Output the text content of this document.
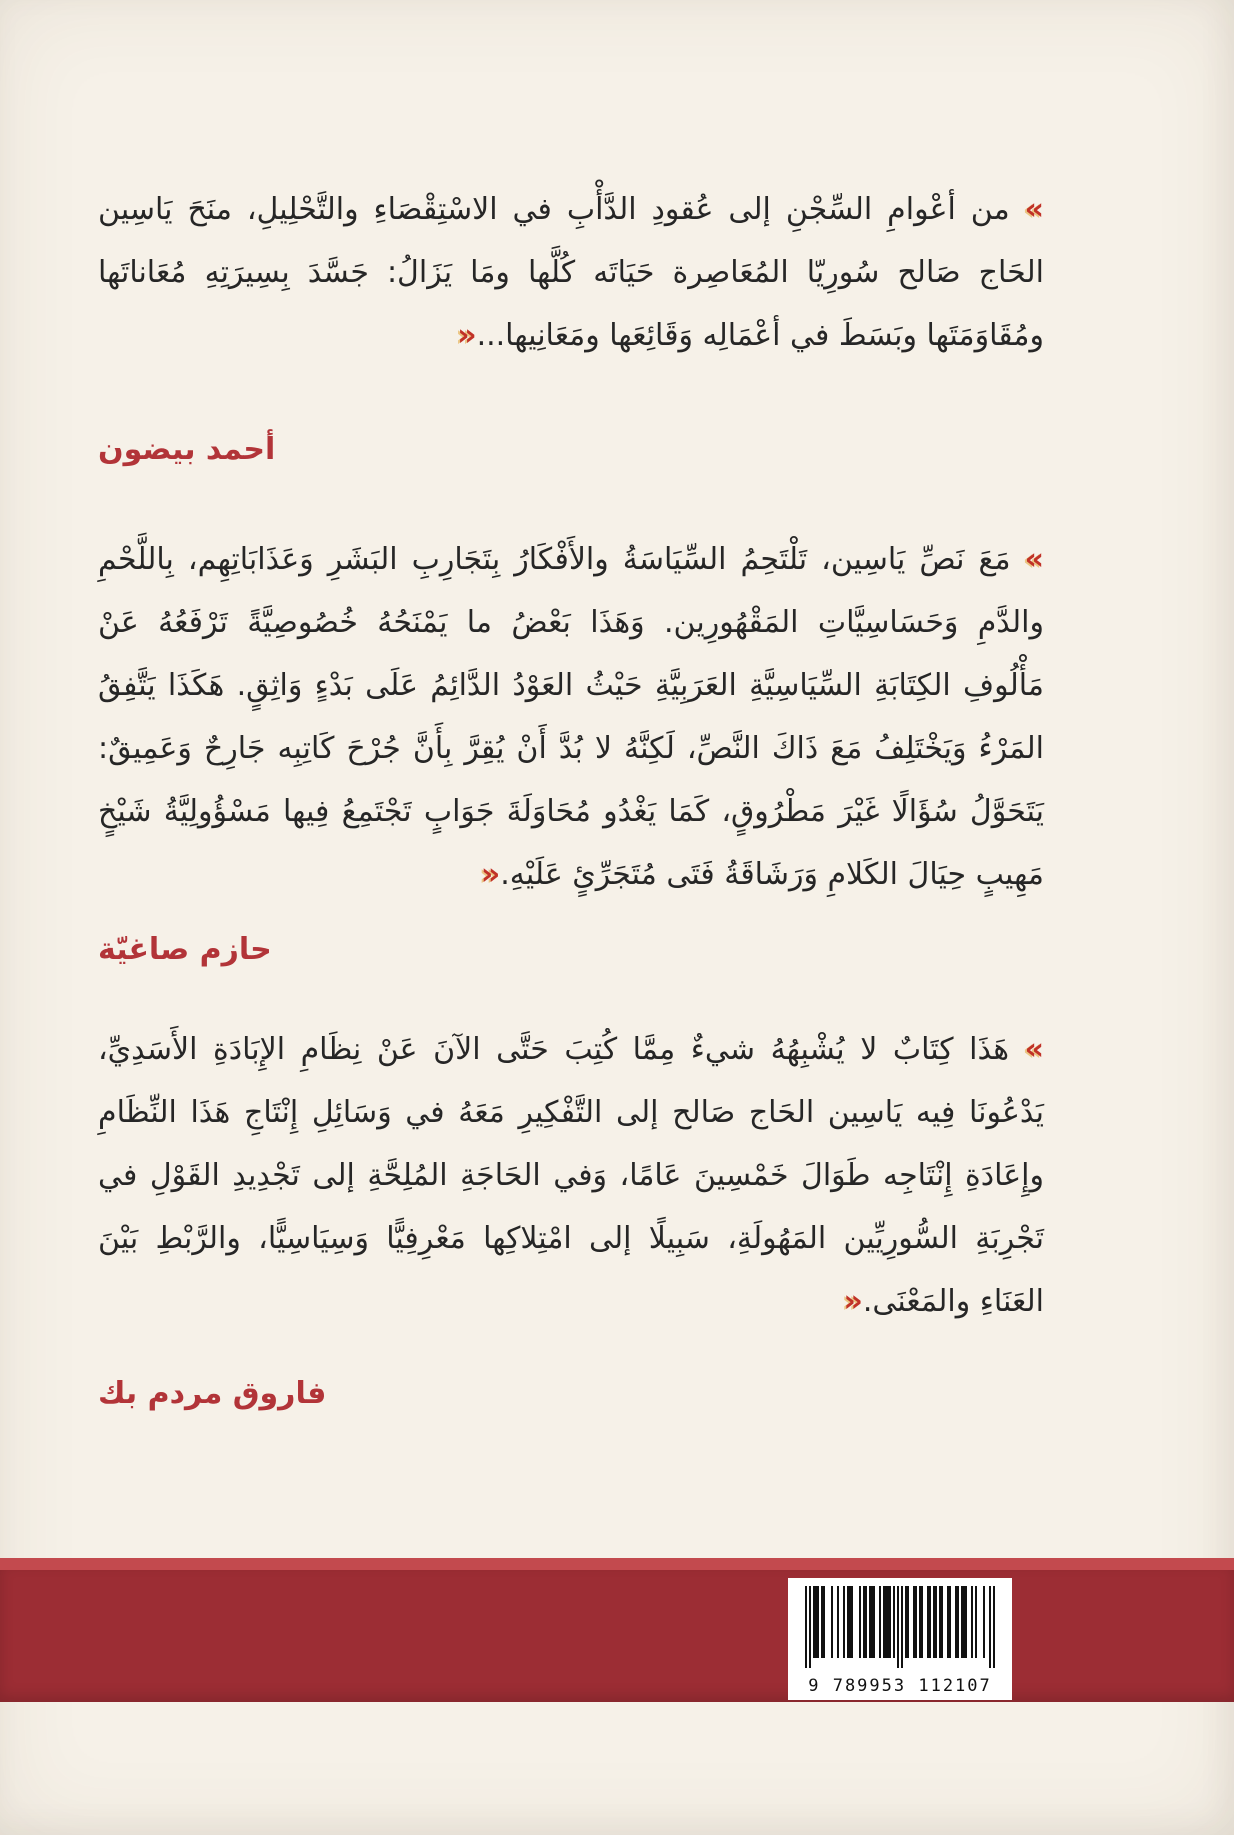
» من أعْوامِ السِّجْنِ إلى عُقودِ الدَّأْبِ في الاسْتِقْصَاءِ والتَّحْلِيلِ، منَحَ يَاسِين الحَاج صَالح سُورِيّا المُعَاصِرة حَيَاتَه كُلَّها ومَا يَزَالُ: جَسَّدَ بِسِيرَتِهِ مُعَاناتَها ومُقَاوَمَتَها وبَسَطَ في أعْمَالِه وَقَائِعَها ومَعَانِيها...«

أحمد بيضون

» مَعَ نَصِّ يَاسِين، تَلْتَحِمُ السِّيَاسَةُ والأَفْكَارُ بِتَجَارِبِ البَشَرِ وَعَذَابَاتِهِم، بِاللَّحْمِ والدَّمِ وَحَسَاسِيَّاتِ المَقْهُورِين. وَهَذَا بَعْضُ ما يَمْنَحُهُ خُصُوصِيَّةً تَرْفَعُهُ عَنْ مَأْلُوفِ الكِتَابَةِ السِّيَاسِيَّةِ العَرَبِيَّةِ حَيْثُ العَوْدُ الدَّائِمُ عَلَى بَدْءٍ وَاثِقٍ. هَكَذَا يَتَّفِقُ المَرْءُ وَيَخْتَلِفُ مَعَ ذَاكَ النَّصِّ، لَكِنَّهُ لا بُدَّ أَنْ يُقِرَّ بِأَنَّ جُرْحَ كَاتِبِه جَارِحٌ وَعَمِيقٌ: يَتَحَوَّلُ سُؤَالًا غَيْرَ مَطْرُوقٍ، كَمَا يَغْدُو مُحَاوَلَةَ جَوَابٍ تَجْتَمِعُ فِيها مَسْؤُولِيَّةُ شَيْخٍ مَهِيبٍ حِيَالَ الكَلامِ وَرَشَاقَةُ فَتَى مُتَجَرِّئٍ عَلَيْهِ.«

حازم صاغيّة

» هَذَا كِتَابٌ لا يُشْبِهُهُ شيءٌ مِمَّا كُتِبَ حَتَّى الآنَ عَنْ نِظَامِ الإِبَادَةِ الأَسَدِيِّ، يَدْعُونَا فِيه يَاسِين الحَاج صَالح إلى التَّفْكِيرِ مَعَهُ في وَسَائِلِ إِنْتَاجِ هَذَا النِّظَامِ وإِعَادَةِ إِنْتَاجِه طَوَالَ خَمْسِينَ عَامًا، وَفي الحَاجَةِ المُلِحَّةِ إلى تَجْدِيدِ القَوْلِ في تَجْرِبَةِ السُّورِيِّين المَهُولَةِ، سَبِيلًا إلى امْتِلاكِها مَعْرِفِيًّا وَسِيَاسِيًّا، والرَّبْطِ بَيْنَ العَنَاءِ والمَعْنَى.«

فاروق مردم بك

9 789953 112107
